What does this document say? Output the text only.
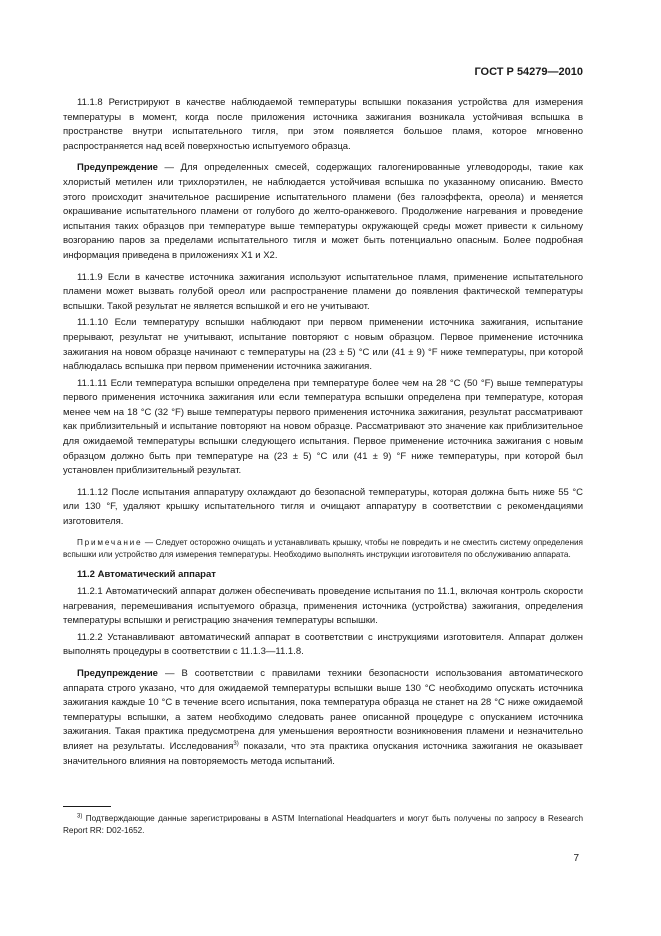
ГОСТ Р 54279—2010

11.1.8 Регистрируют в качестве наблюдаемой температуры вспышки показания устройства для измерения температуры в момент, когда после приложения источника зажигания возникала устойчивая вспышка в пространстве внутри испытательного тигля, при этом появляется большое пламя, которое мгновенно распространяется над всей поверхностью испытуемого образца.

Предупреждение — Для определенных смесей, содержащих галогенированные углеводороды, такие как хлористый метилен или трихлорэтилен, не наблюдается устойчивая вспышка по указанному описанию. Вместо этого происходит значительное расширение испытательного пламени (без галоэффекта, ореола) и меняется окрашивание испытательного пламени от голубого до желто-оранжевого. Продолжение нагревания и проведение испытания таких образцов при температуре выше температуры окружающей среды может привести к сильному возгоранию паров за пределами испытательного тигля и может быть потенциально опасным. Более подробная информация приведена в приложениях X1 и X2.

11.1.9 Если в качестве источника зажигания используют испытательное пламя, применение испытательного пламени может вызвать голубой ореол или распространение пламени до появления фактической температуры вспышки. Такой результат не является вспышкой и его не учитывают.

11.1.10 Если температуру вспышки наблюдают при первом применении источника зажигания, испытание прерывают, результат не учитывают, испытание повторяют с новым образцом. Первое применение источника зажигания на новом образце начинают с температуры на (23 ± 5) °С или (41 ± 9) °F ниже температуры, при которой наблюдалась вспышка при первом применении источника зажигания.

11.1.11 Если температура вспышки определена при температуре более чем на 28 °С (50 °F) выше температуры первого применения источника зажигания или если температура вспышки определена при температуре, которая менее чем на 18 °С (32 °F) выше температуры первого применения источника зажигания, результат рассматривают как приблизительный и испытание повторяют на новом образце. Рассматривают это значение как приблизительное для ожидаемой температуры вспышки следующего испытания. Первое применение источника зажигания с новым образцом должно быть при температуре на (23 ± 5) °С или (41 ± 9) °F ниже температуры, при которой был установлен приблизительный результат.

11.1.12 После испытания аппаратуру охлаждают до безопасной температуры, которая должна быть ниже 55 °С или 130 °F, удаляют крышку испытательного тигля и очищают аппаратуру в соответствии с рекомендациями изготовителя.

Примечание — Следует осторожно очищать и устанавливать крышку, чтобы не повредить и не сместить систему определения вспышки или устройство для измерения температуры. Необходимо выполнять инструкции изготовителя по обслуживанию аппарата.

11.2 Автоматический аппарат

11.2.1 Автоматический аппарат должен обеспечивать проведение испытания по 11.1, включая контроль скорости нагревания, перемешивания испытуемого образца, применения источника (устройства) зажигания, определения температуры вспышки и регистрацию значения температуры вспышки.

11.2.2 Устанавливают автоматический аппарат в соответствии с инструкциями изготовителя. Аппарат должен выполнять процедуры в соответствии с 11.1.3—11.1.8.

Предупреждение — В соответствии с правилами техники безопасности использования автоматического аппарата строго указано, что для ожидаемой температуры вспышки выше 130 °С необходимо опускать источника зажигания каждые 10 °С в течение всего испытания, пока температура образца не станет на 28 °С ниже ожидаемой температуры вспышки, а затем необходимо следовать ранее описанной процедуре с опусканием источника зажигания. Такая практика предусмотрена для уменьшения вероятности возникновения пламени и незначительно влияет на результаты. Исследования$^{3)}$ показали, что эта практика опускания источника зажигания не оказывает значительного влияния на повторяемость метода испытаний.

$^{3)}$ Подтверждающие данные зарегистрированы в ASTM International Headquarters и могут быть получены по запросу в Research Report RR: D02-1652.
7
